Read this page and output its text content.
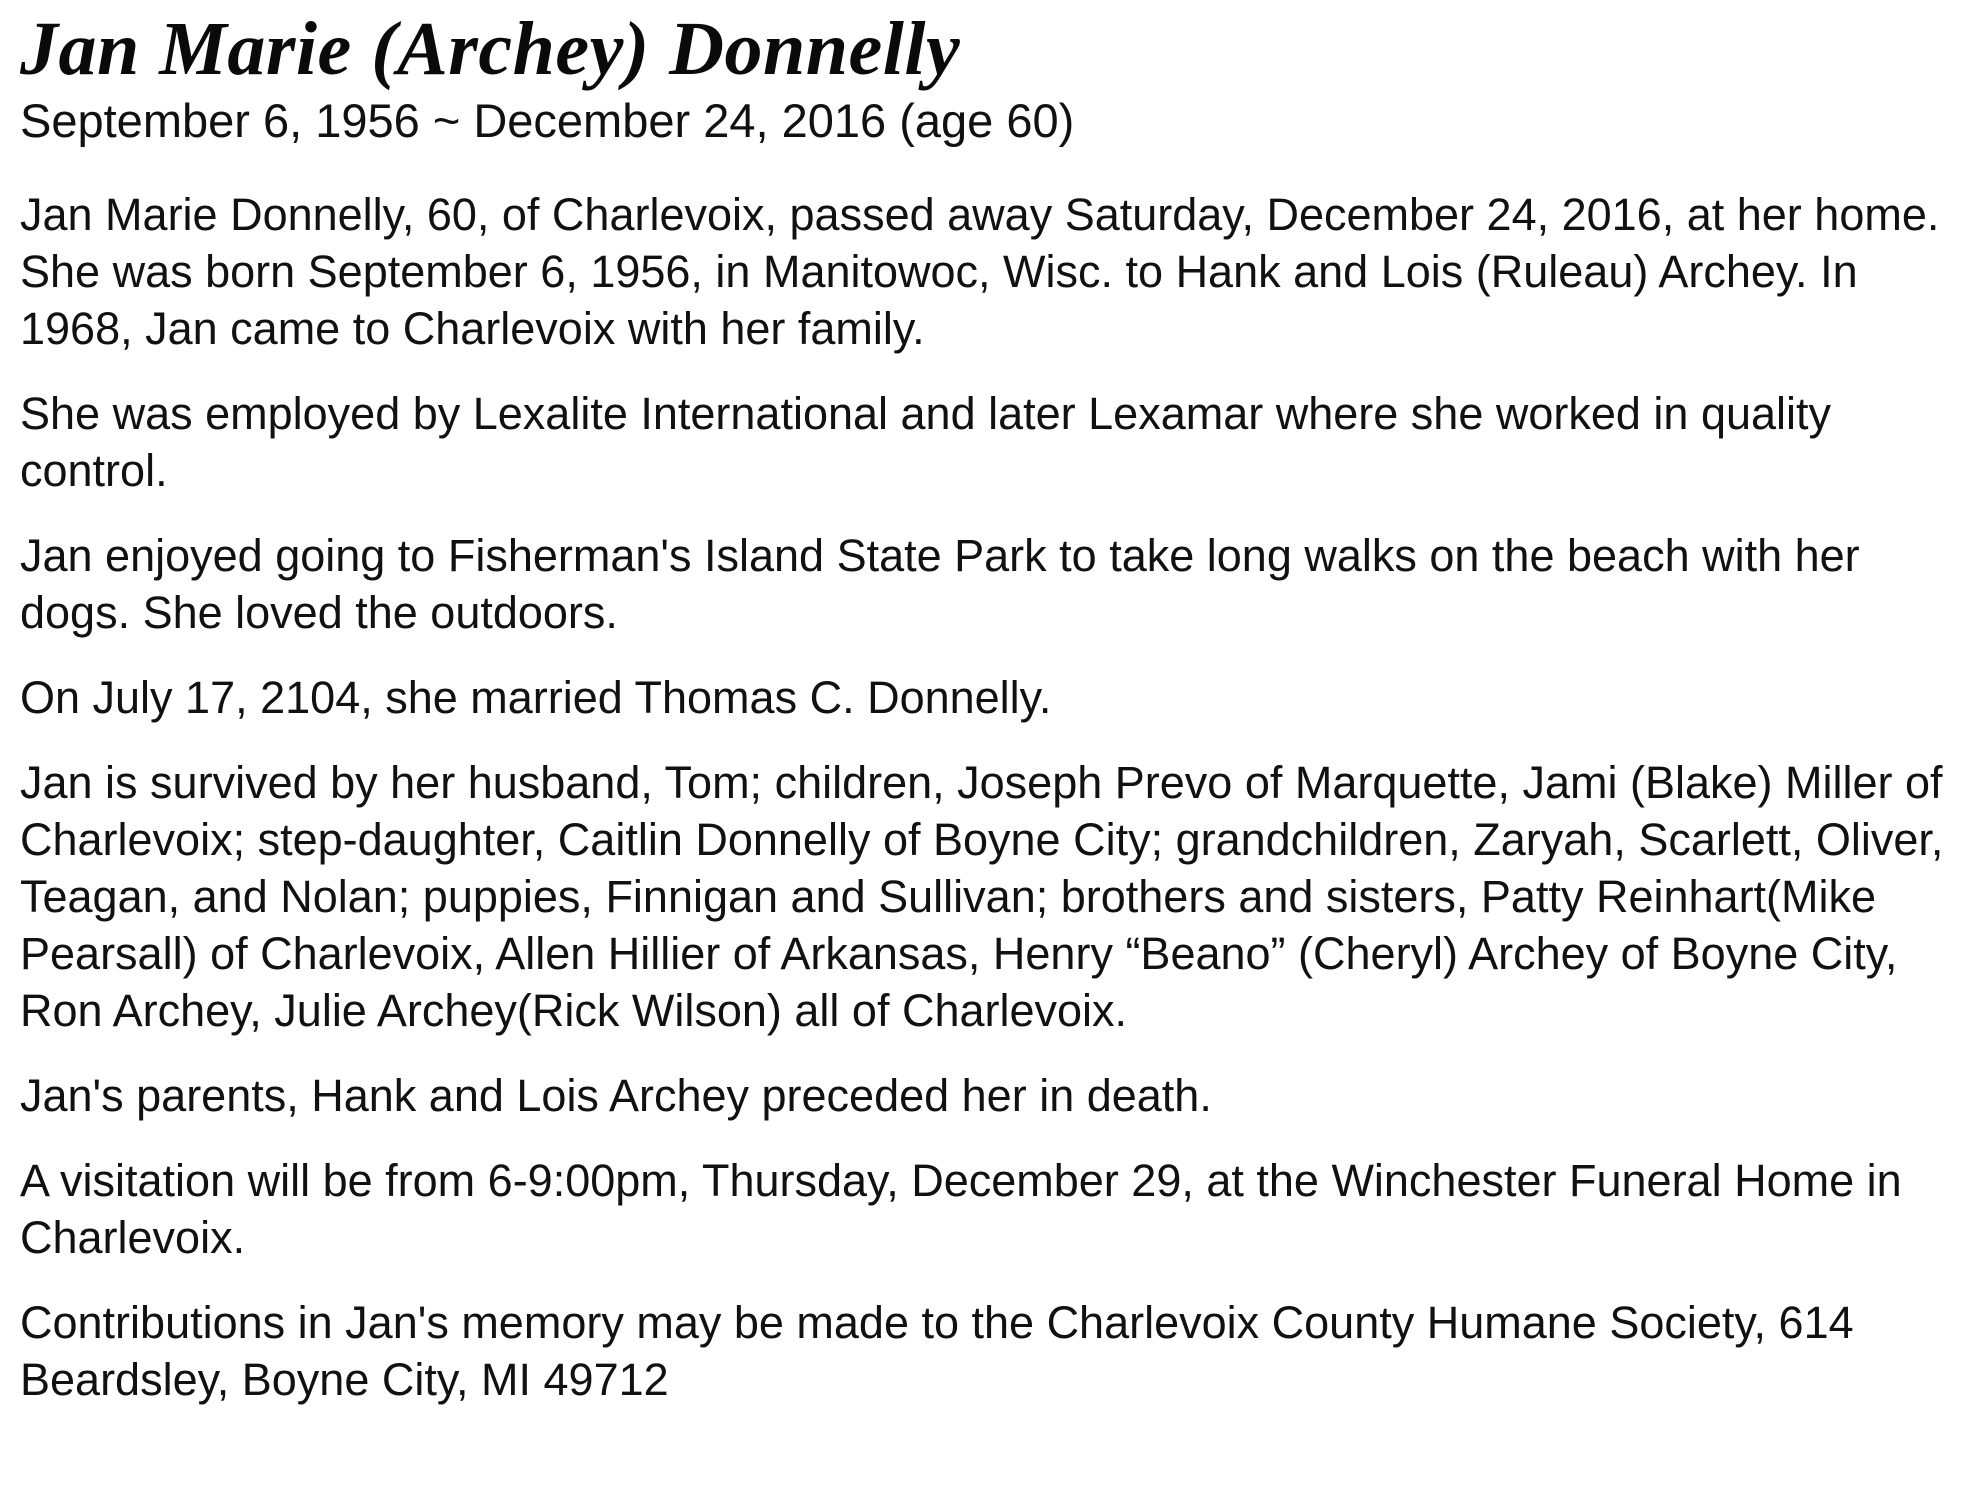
Jan Marie (Archey) Donnelly

September 6, 1956 ~ December 24, 2016 (age 60)

Jan Marie Donnelly, 60, of Charlevoix, passed away Saturday, December 24, 2016, at her home. She was born September 6, 1956, in Manitowoc, Wisc. to Hank and Lois (Ruleau) Archey. In 1968, Jan came to Charlevoix with her family.

She was employed by Lexalite International and later Lexamar where she worked in quality control.

Jan enjoyed going to Fisherman's Island State Park to take long walks on the beach with her dogs. She loved the outdoors.

On July 17, 2104, she married Thomas C. Donnelly.

Jan is survived by her husband, Tom; children, Joseph Prevo of Marquette, Jami (Blake) Miller of Charlevoix; step-daughter, Caitlin Donnelly of Boyne City; grandchildren, Zaryah, Scarlett, Oliver, Teagan, and Nolan; puppies, Finnigan and Sullivan; brothers and sisters, Patty Reinhart(Mike Pearsall) of Charlevoix, Allen Hillier of Arkansas, Henry “Beano” (Cheryl) Archey of Boyne City, Ron Archey, Julie Archey(Rick Wilson) all of Charlevoix.

Jan's parents, Hank and Lois Archey preceded her in death.

A visitation will be from 6-9:00pm, Thursday, December 29, at the Winchester Funeral Home in Charlevoix.

Contributions in Jan's memory may be made to the Charlevoix County Humane Society, 614 Beardsley, Boyne City, MI 49712
